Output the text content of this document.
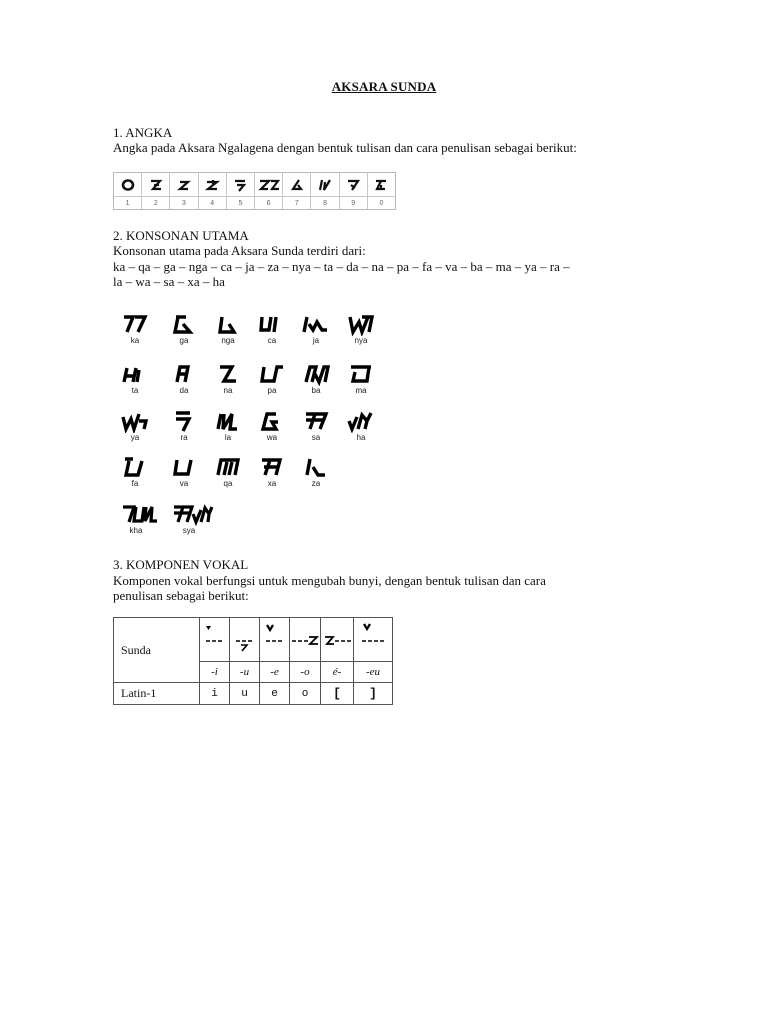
AKSARA SUNDA
1. ANGKA
Angka pada Aksara Ngalagena dengan bentuk tulisan dan cara penulisan sebagai berikut:
1	2	3	4	5	6	7	8	9	0
2. KONSONAN UTAMA
Konsonan utama pada Aksara Sunda terdiri dari:
ka – qa – ga – nga – ca – ja – za – nya – ta – da – na – pa – fa – va – ba – ma – ya – ra –
la – wa – sa – xa – ha
ka	ga	nga	ca	ja	nya
ta	da	na	pa	ba	ma
ya	ra	la	wa	sa	ha
fa	va	qa	xa	za
kha	sya
3. KOMPONEN VOKAL
Komponen vokal berfungsi untuk mengubah bunyi, dengan bentuk tulisan dan cara
penulisan sebagai berikut:
Sunda						
	-i	-u	-e	-o	é-	-eu
Latin-1	i	u	e	o	[	]
